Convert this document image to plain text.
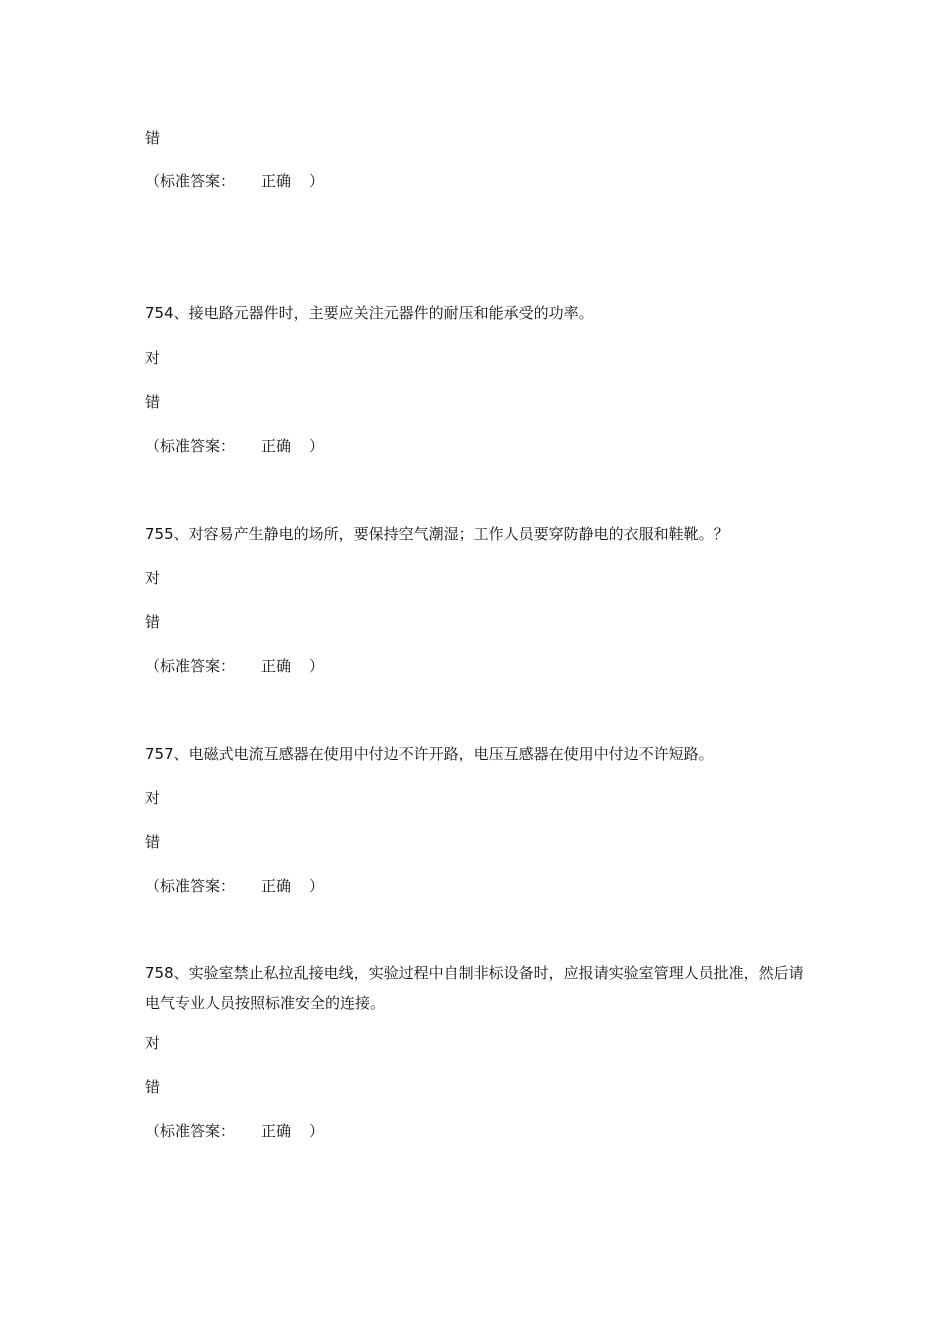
错
（标准答案： 正确 ）
754、接电路元器件时，主要应关注元器件的耐压和能承受的功率。
对
错
（标准答案： 正确 ）
755、对容易产生静电的场所，要保持空气潮湿；工作人员要穿防静电的衣服和鞋靴。？
对
错
（标准答案： 正确 ）
757、电磁式电流互感器在使用中付边不许开路，电压互感器在使用中付边不许短路。
对
错
（标准答案： 正确 ）
758、实验室禁止私拉乱接电线，实验过程中自制非标设备时，应报请实验室管理人员批准，然后请电气专业人员按照标准安全的连接。
对
错
（标准答案： 正确 ）
